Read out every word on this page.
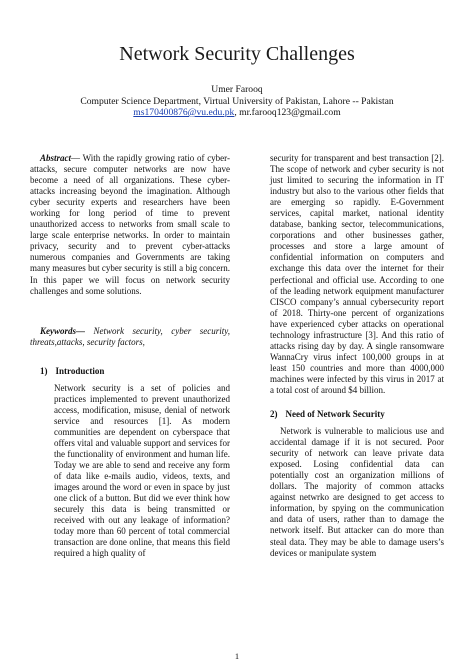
Network Security Challenges
Umer Farooq
Computer Science Department, Virtual University of Pakistan, Lahore -- Pakistan
ms170400876@vu.edu.pk, mr.farooq123@gmail.com

Abstract— With the rapidly growing ratio of cyber-attacks, secure computer networks are now have become a need of all organizations. These cyber-attacks increasing beyond the imagination. Although cyber security experts and researchers have been working for long period of time to prevent unauthorized access to networks from small scale to large scale enterprise networks. In order to maintain privacy, security and to prevent cyber-attacks numerous companies and Governments are taking many measures but cyber security is still a big concern. In this paper we will focus on network security challenges and some solutions.

Keywords— Network security, cyber security, threats,attacks, security factors,

1) Introduction

Network security is a set of policies and practices implemented to prevent unauthorized access, modification, misuse, denial of network service and resources [1]. As modern communities are dependent on cyberspace that offers vital and valuable support and services for the functionality of environment and human life. Today we are able to send and receive any form of data like e-mails audio, videos, texts, and images around the word or even in space by just one click of a button. But did we ever think how securely this data is being transmitted or received with out any leakage of information? today more than 60 percent of total commercial transaction are done online, that means this field required a high quality of

security for transparent and best transaction [2]. The scope of network and cyber security is not just limited to securing the information in IT industry but also to the various other fields that are emerging so rapidly. E-Government services, capital market, national identity database, banking sector, telecommunications, corporations and other businesses gather, processes and store a large amount of confidential information on computers and exchange this data over the internet for their perfectional and official use. According to one of the leading network equipment manufacturer CISCO company’s annual cybersecurity report of 2018. Thirty-one percent of organizations have experienced cyber attacks on operational technology infrastructure [3]. And this ratio of attacks rising day by day. A single ransomware WannaCry virus infect 100,000 groups in at least 150 countries and more than 4000,000 machines were infected by this virus in 2017 at a total cost of around $4 billion.

2) Need of Network Security

Network is vulnerable to malicious use and accidental damage if it is not secured. Poor security of network can leave private data exposed. Losing confidential data can potentially cost an organization millions of dollars. The majority of common attacks against netwrko are designed to get access to information, by spying on the communication and data of users, rather than to damage the network itself. But attacker can do more than steal data. They may be able to damage users’s devices or manipulate system

1
